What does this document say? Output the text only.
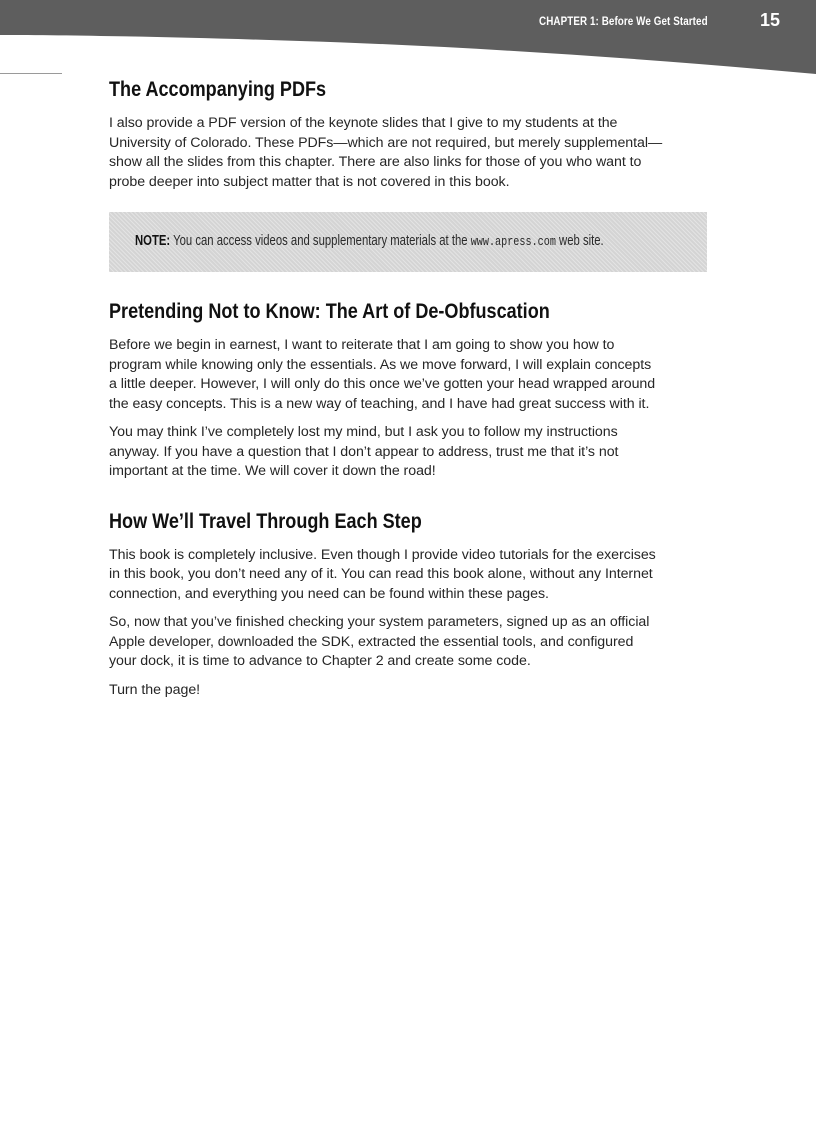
CHAPTER 1: Before We Get Started	15
The Accompanying PDFs

I also provide a PDF version of the keynote slides that I give to my students at the
University of Colorado. These PDFs—which are not required, but merely supplemental—
show all the slides from this chapter. There are also links for those of you who want to
probe deeper into subject matter that is not covered in this book.

NOTE: You can access videos and supplementary materials at the www.apress.com web site.
Pretending Not to Know: The Art of De-Obfuscation

Before we begin in earnest, I want to reiterate that I am going to show you how to
program while knowing only the essentials. As we move forward, I will explain concepts
a little deeper. However, I will only do this once we’ve gotten your head wrapped around
the easy concepts. This is a new way of teaching, and I have had great success with it.

You may think I’ve completely lost my mind, but I ask you to follow my instructions
anyway. If you have a question that I don’t appear to address, trust me that it’s not
important at the time. We will cover it down the road!

How We’ll Travel Through Each Step

This book is completely inclusive. Even though I provide video tutorials for the exercises
in this book, you don’t need any of it. You can read this book alone, without any Internet
connection, and everything you need can be found within these pages.

So, now that you’ve finished checking your system parameters, signed up as an official
Apple developer, downloaded the SDK, extracted the essential tools, and configured
your dock, it is time to advance to Chapter 2 and create some code.

Turn the page!
